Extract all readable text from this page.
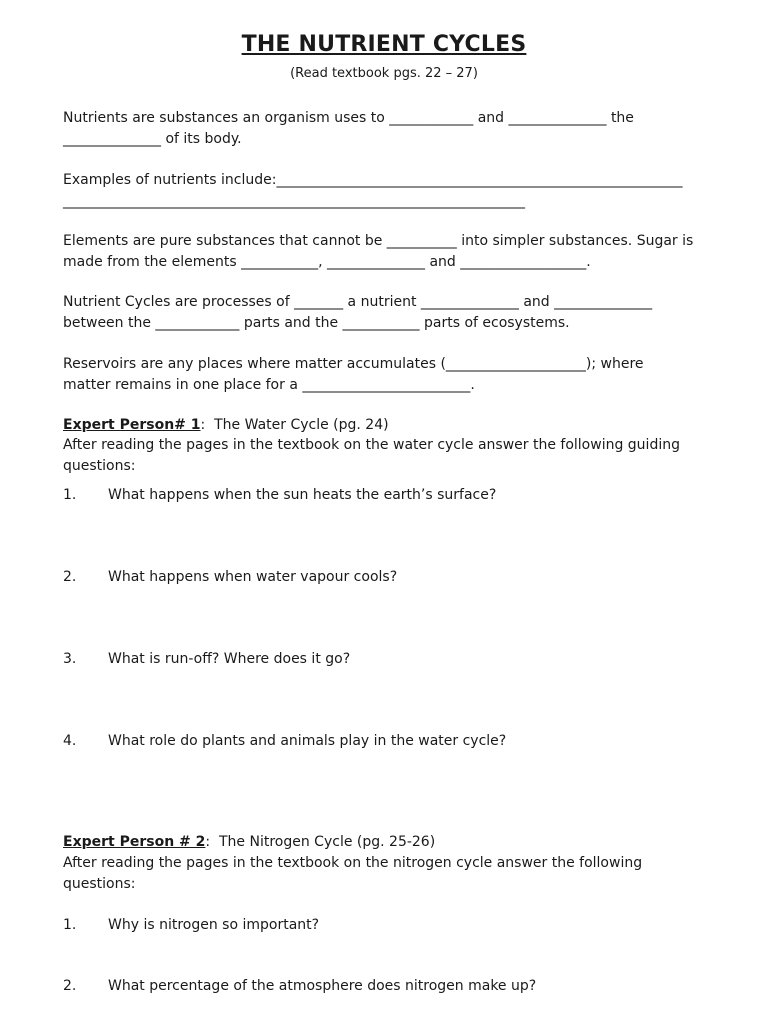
THE NUTRIENT CYCLES
(Read textbook pgs. 22 – 27)
Nutrients are substances an organism uses to ____________ and ______________ the
______________ of its body.
Examples of nutrients include:__________________________________________________________
__________________________________________________________________
Elements are pure substances that cannot be __________ into simpler substances. Sugar is
made from the elements ___________, ______________ and __________________.
Nutrient Cycles are processes of _______ a nutrient ______________ and ______________
between the ____________ parts and the ___________ parts of ecosystems.
Reservoirs are any places where matter accumulates (____________________); where
matter remains in one place for a ________________________.
Expert Person# 1:  The Water Cycle (pg. 24)
After reading the pages in the textbook on the water cycle answer the following guiding
questions:
1. What happens when the sun heats the earth’s surface?
2. What happens when water vapour cools?
3. What is run-off? Where does it go?
4. What role do plants and animals play in the water cycle?
Expert Person # 2:  The Nitrogen Cycle (pg. 25-26)
After reading the pages in the textbook on the nitrogen cycle answer the following
questions:
1. Why is nitrogen so important?
2. What percentage of the atmosphere does nitrogen make up?
